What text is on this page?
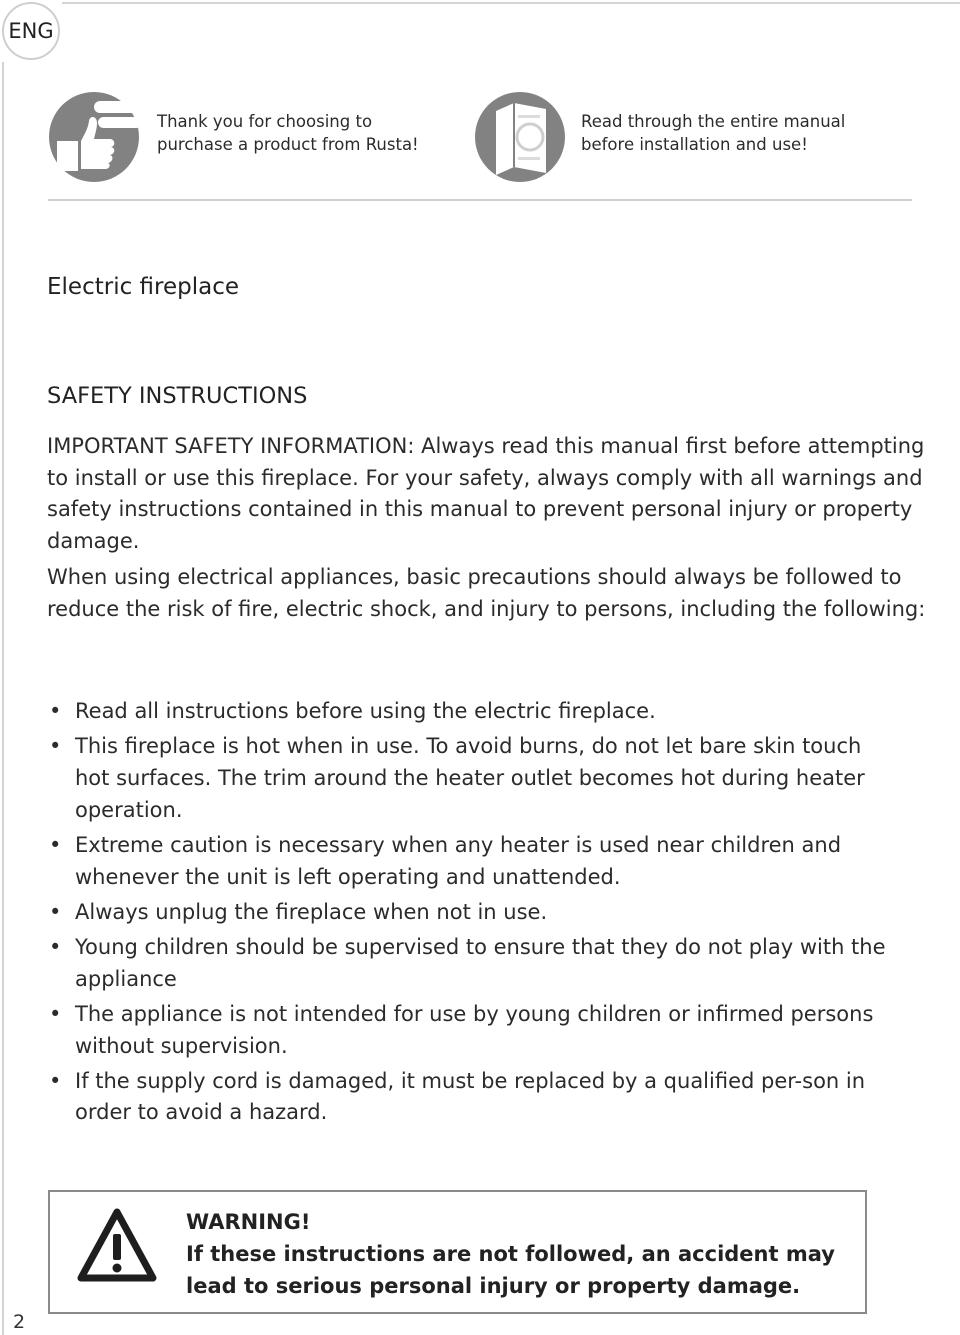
ENG
Thank you for choosing to
purchase a product from Rusta!
Read through the entire manual
before installation and use!
Electric fireplace
SAFETY INSTRUCTIONS

IMPORTANT SAFETY INFORMATION: Always read this manual first before attempting to install or use this fireplace. For your safety, always comply with all warnings and safety instructions contained in this manual to prevent personal injury or property damage.

When using electrical appliances, basic precautions should always be followed to reduce the risk of fire, electric shock, and injury to persons, including the following:

• Read all instructions before using the electric fireplace.
• This fireplace is hot when in use. To avoid burns, do not let bare skin touch hot surfaces. The trim around the heater outlet becomes hot during heater operation.
• Extreme caution is necessary when any heater is used near children and whenever the unit is left operating and unattended.
• Always unplug the fireplace when not in use.
• Young children should be supervised to ensure that they do not play with the appliance
• The appliance is not intended for use by young children or infirmed persons without supervision.
• If the supply cord is damaged, it must be replaced by a qualified per-son in order to avoid a hazard.
WARNING!
If these instructions are not followed, an accident may
lead to serious personal injury or property damage.
2
